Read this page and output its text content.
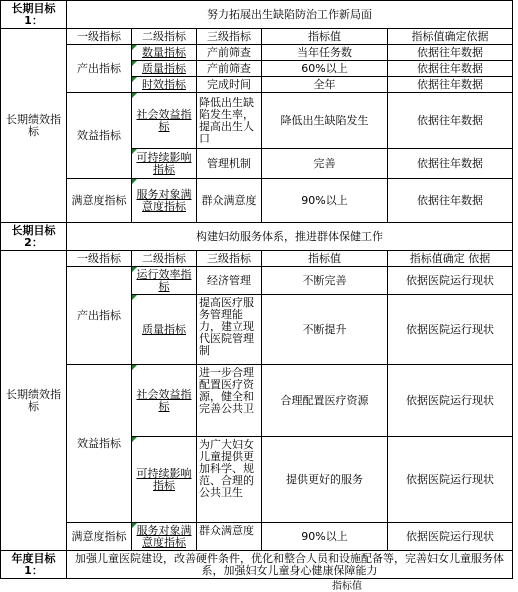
长期目标1：	努力拓展出生缺陷防治工作新局面				
长期绩效指标	一级指标	二级指标	三级指标	指标值	指标值确定依据
	产出指标	数量指标	产前筛查	当年任务数	依据往年数据
		质量指标	产前筛查	60%以上	依据往年数据
		时效指标	完成时间	全年	依据往年数据
	效益指标	社会效益指标	降低出生缺陷发生率，提高出生人口	降低出生缺陷发生	依据往年数据
		可持续影响指标	管理机制	完善	依据往年数据
	满意度指标	服务对象满意度指标	群众满意度	90%以上	依据往年数据
长期目标2：	构建妇幼服务体系，推进群体保健工作				
长期绩效指标	一级指标	二级指标	三级指标	指标值	指标值确定 依据
	产出指标	运行效率指标	经济管理	不断完善	依据医院运行现状
		质量指标	提高医疗服务管理能力，建立现代医院管理制	不断提升	依据医院运行现状
	效益指标	社会效益指标	进一步合理配置医疗资源，健全和完善公共卫	合理配置医疗资源	依据医院运行现状
		可持续影响指标	为广大妇女儿童提供更加科学、规范、合理的公共卫生	提供更好的服务	依据医院运行现状
	满意度指标	服务对象满意度指标	群众满意度	90%以上	依据医院运行现状
年度目标1：	加强儿童医院建设，改善硬件条件，优化和整合人员和设施配备等，完善妇女儿童服务体系，加强妇女儿童身心健康保障能力				
指标值
